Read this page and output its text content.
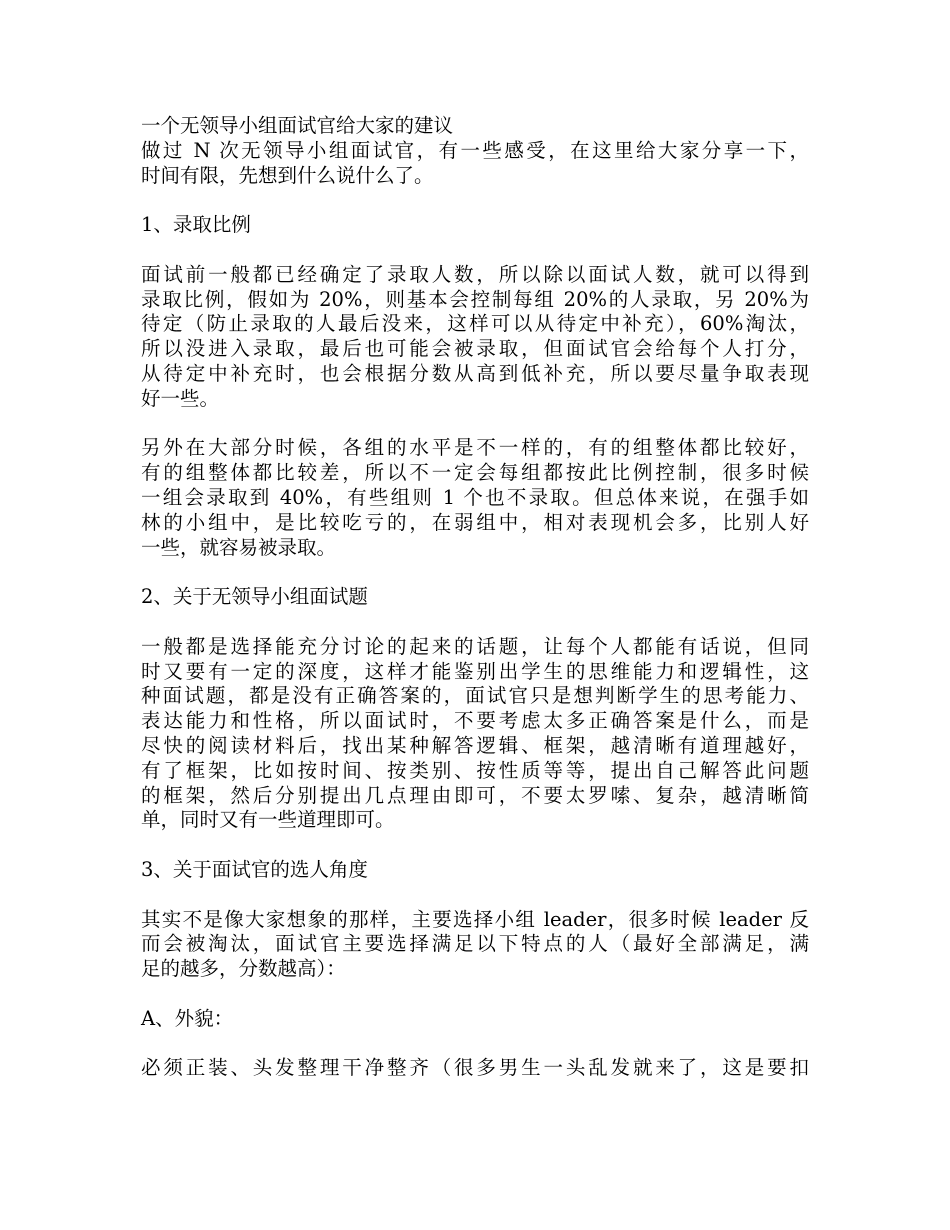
一个无领导小组面试官给大家的建议
做过 N 次无领导小组面试官，有一些感受，在这里给大家分享一下，
时间有限，先想到什么说什么了。
1、录取比例
面试前一般都已经确定了录取人数，所以除以面试人数，就可以得到
录取比例，假如为 20%，则基本会控制每组 20%的人录取，另 20%为
待定（防止录取的人最后没来，这样可以从待定中补充），60%淘汰，
所以没进入录取，最后也可能会被录取，但面试官会给每个人打分，
从待定中补充时，也会根据分数从高到低补充，所以要尽量争取表现
好一些。
另外在大部分时候，各组的水平是不一样的，有的组整体都比较好，
有的组整体都比较差，所以不一定会每组都按此比例控制，很多时候
一组会录取到 40%，有些组则 1 个也不录取。但总体来说，在强手如
林的小组中，是比较吃亏的，在弱组中，相对表现机会多，比别人好
一些，就容易被录取。
2、关于无领导小组面试题
一般都是选择能充分讨论的起来的话题，让每个人都能有话说，但同
时又要有一定的深度，这样才能鉴别出学生的思维能力和逻辑性，这
种面试题，都是没有正确答案的，面试官只是想判断学生的思考能力、
表达能力和性格，所以面试时，不要考虑太多正确答案是什么，而是
尽快的阅读材料后，找出某种解答逻辑、框架，越清晰有道理越好，
有了框架，比如按时间、按类别、按性质等等，提出自己解答此问题
的框架，然后分别提出几点理由即可，不要太罗嗦、复杂，越清晰简
单，同时又有一些道理即可。
3、关于面试官的选人角度
其实不是像大家想象的那样，主要选择小组 leader，很多时候 leader 反
而会被淘汰，面试官主要选择满足以下特点的人（最好全部满足，满
足的越多，分数越高）：
A、外貌：
必须正装、头发整理干净整齐（很多男生一头乱发就来了，这是要扣
